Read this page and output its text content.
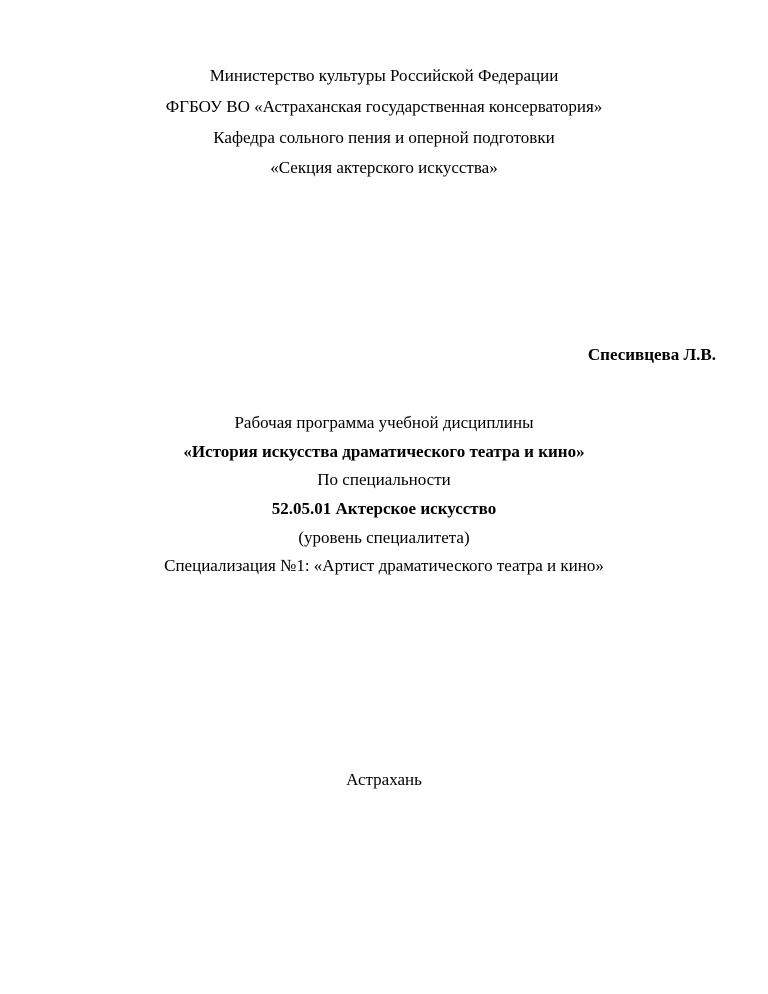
Министерство культуры Российской Федерации
ФГБОУ ВО «Астраханская государственная консерватория»
Кафедра сольного пения и оперной подготовки
«Секция актерского искусства»
Спесивцева Л.В.
Рабочая программа учебной дисциплины
«История искусства драматического театра и кино»
По специальности
52.05.01 Актерское искусство
(уровень специалитета)
Специализация №1: «Артист драматического театра и кино»
Астрахань
